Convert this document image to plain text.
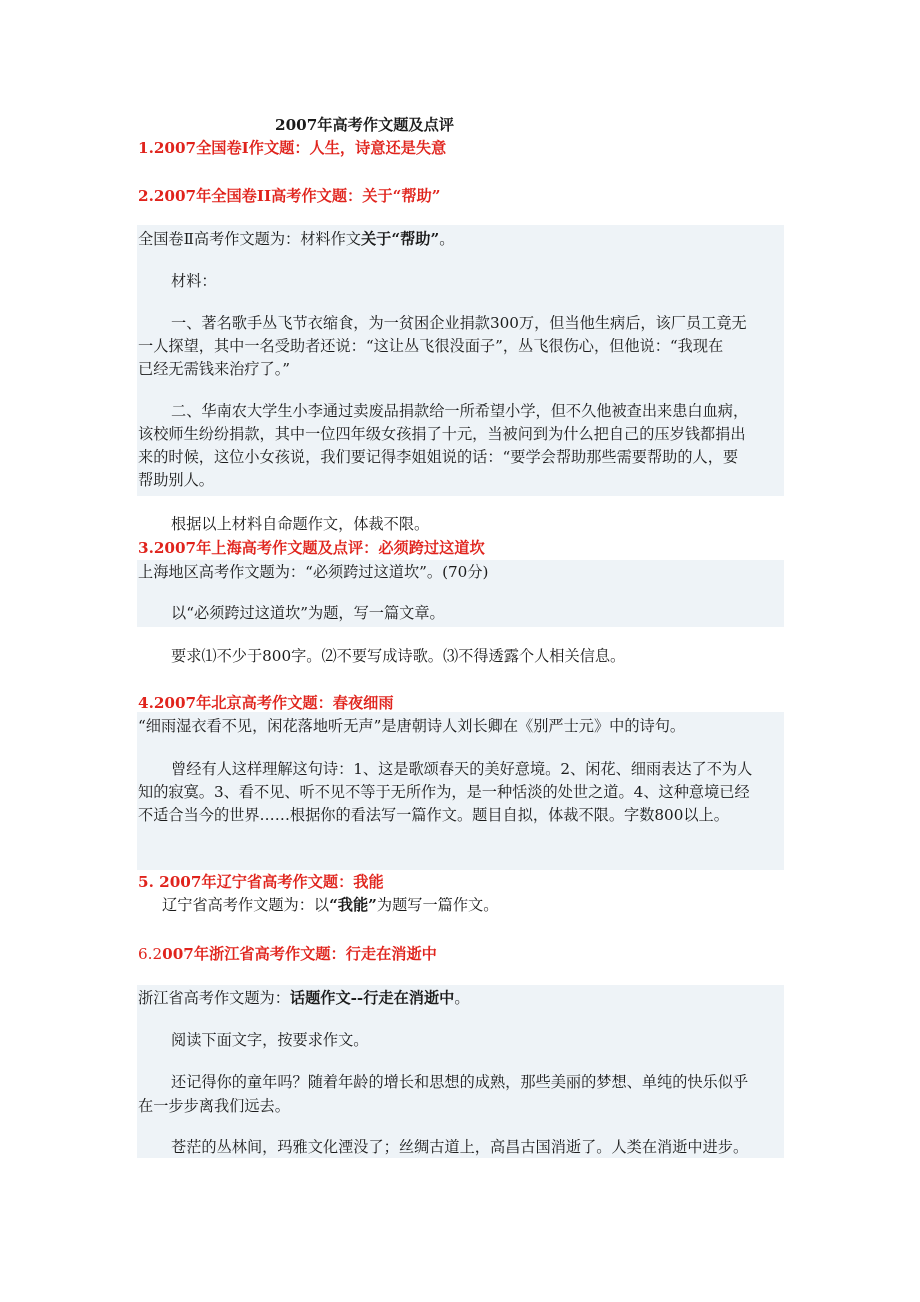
2007年高考作文题及点评
1.2007全国卷Ⅰ作文题：人生，诗意还是失意
2.2007年全国卷II高考作文题：关于“帮助”
全国卷Ⅱ高考作文题为：材料作文关于“帮助”。
材料：
一、著名歌手丛飞节衣缩食，为一贫困企业捐款300万，但当他生病后，该厂员工竟无
一人探望，其中一名受助者还说：“这让丛飞很没面子”，丛飞很伤心，但他说：“我现在
已经无需钱来治疗了。”
二、华南农大学生小李通过卖废品捐款给一所希望小学，但不久他被查出来患白血病，
该校师生纷纷捐款，其中一位四年级女孩捐了十元，当被问到为什么把自己的压岁钱都捐出
来的时候，这位小女孩说，我们要记得李姐姐说的话：“要学会帮助那些需要帮助的人，要
帮助别人。
根据以上材料自命题作文，体裁不限。
3.2007年上海高考作文题及点评：必须跨过这道坎
上海地区高考作文题为：“必须跨过这道坎”。(70分)
以“必须跨过这道坎”为题，写一篇文章。
要求⑴不少于800字。⑵不要写成诗歌。⑶不得透露个人相关信息。
4.2007年北京高考作文题：春夜细雨
“细雨湿衣看不见，闲花落地听无声”是唐朝诗人刘长卿在《别严士元》中的诗句。
曾经有人这样理解这句诗：1、这是歌颂春天的美好意境。2、闲花、细雨表达了不为人
知的寂寞。3、看不见、听不见不等于无所作为，是一种恬淡的处世之道。4、这种意境已经
不适合当今的世界……根据你的看法写一篇作文。题目自拟，体裁不限。字数800以上。
5. 2007年辽宁省高考作文题：我能
辽宁省高考作文题为：以“我能”为题写一篇作文。
6.2007年浙江省高考作文题：行走在消逝中
浙江省高考作文题为：话题作文--行走在消逝中。
阅读下面文字，按要求作文。
还记得你的童年吗？随着年龄的增长和思想的成熟，那些美丽的梦想、单纯的快乐似乎
在一步步离我们远去。
苍茫的丛林间，玛雅文化湮没了；丝绸古道上，高昌古国消逝了。人类在消逝中进步。
